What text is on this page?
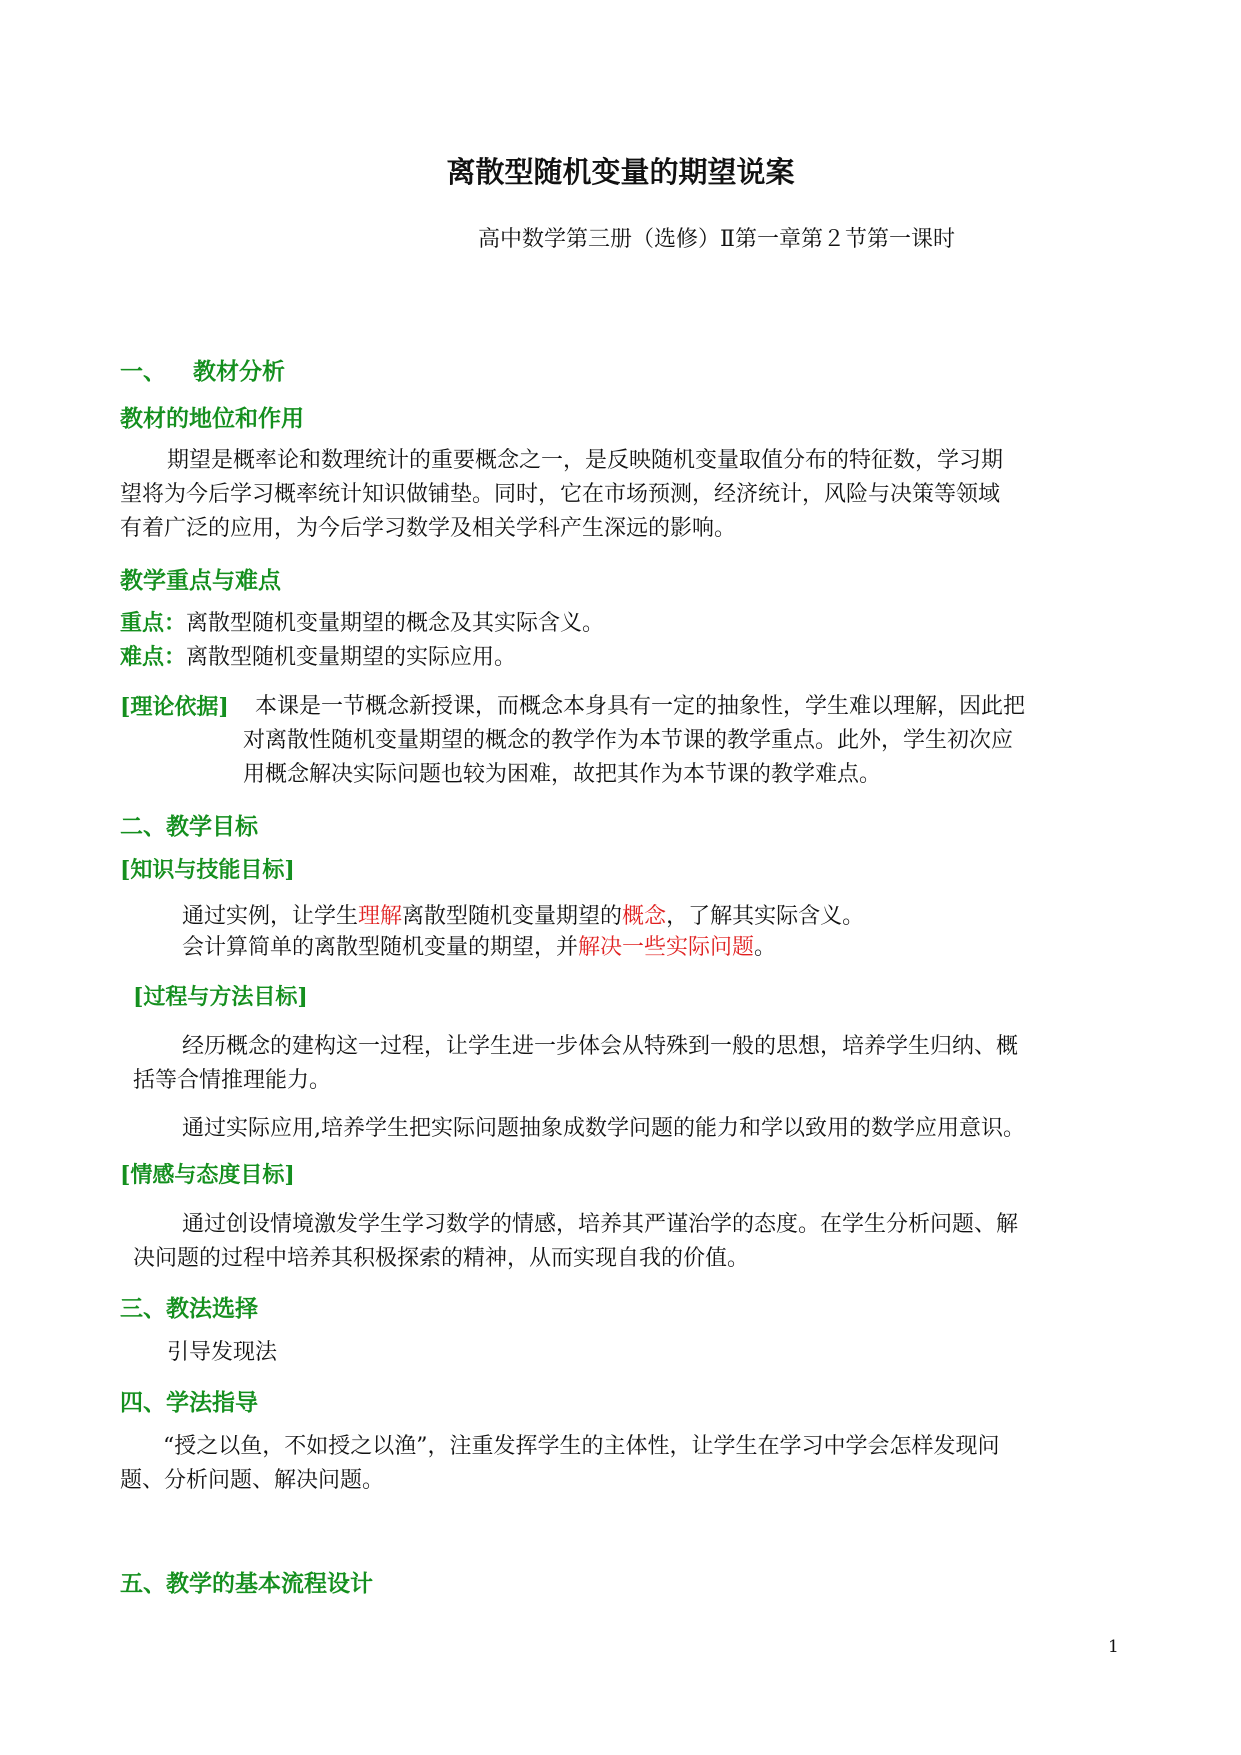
离散型随机变量的期望说案
高中数学第三册（选修）Ⅱ第一章第２节第一课时
一、 教材分析
教材的地位和作用
期望是概率论和数理统计的重要概念之一，是反映随机变量取值分布的特征数，学习期
望将为今后学习概率统计知识做铺垫。同时，它在市场预测，经济统计，风险与决策等领域
有着广泛的应用，为今后学习数学及相关学科产生深远的影响。
教学重点与难点
重点：离散型随机变量期望的概念及其实际含义。
难点：离散型随机变量期望的实际应用。
[理论依据] 本课是一节概念新授课，而概念本身具有一定的抽象性，学生难以理解，因此把
对离散性随机变量期望的概念的教学作为本节课的教学重点。此外，学生初次应
用概念解决实际问题也较为困难，故把其作为本节课的教学难点。
二、教学目标
[知识与技能目标]
通过实例，让学生理解离散型随机变量期望的概念，了解其实际含义。
会计算简单的离散型随机变量的期望，并解决一些实际问题。
[过程与方法目标]
经历概念的建构这一过程，让学生进一步体会从特殊到一般的思想，培养学生归纳、概
括等合情推理能力。
通过实际应用,培养学生把实际问题抽象成数学问题的能力和学以致用的数学应用意识。
[情感与态度目标]
通过创设情境激发学生学习数学的情感，培养其严谨治学的态度。在学生分析问题、解
决问题的过程中培养其积极探索的精神，从而实现自我的价值。
三、教法选择
引导发现法
四、学法指导
“授之以鱼，不如授之以渔”，注重发挥学生的主体性，让学生在学习中学会怎样发现问
题、分析问题、解决问题。
五、教学的基本流程设计
1
